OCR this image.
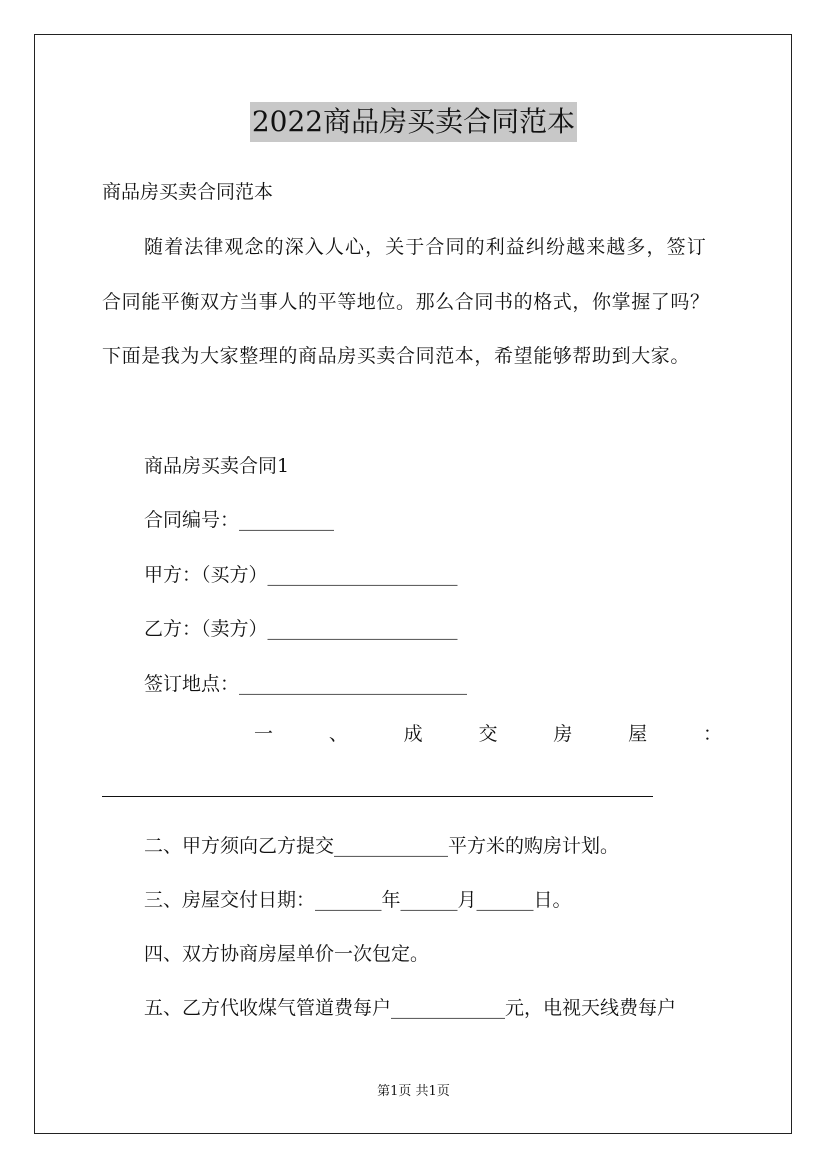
2022商品房买卖合同范本
商品房买卖合同范本
随着法律观念的深入人心，关于合同的利益纠纷越来越多，签订
合同能平衡双方当事人的平等地位。那么合同书的格式，你掌握了吗？
下面是我为大家整理的商品房买卖合同范本，希望能够帮助到大家。
商品房买卖合同1
合同编号：__________
甲方：（买方）____________________
乙方：（卖方）____________________
签订地点：________________________
一	、	成	交	房	屋	：
二、甲方须向乙方提交____________平方米的购房计划。
三、房屋交付日期：_______年______月______日。
四、双方协商房屋单价一次包定。
五、乙方代收煤气管道费每户____________元，电视天线费每户
第1页 共1页
